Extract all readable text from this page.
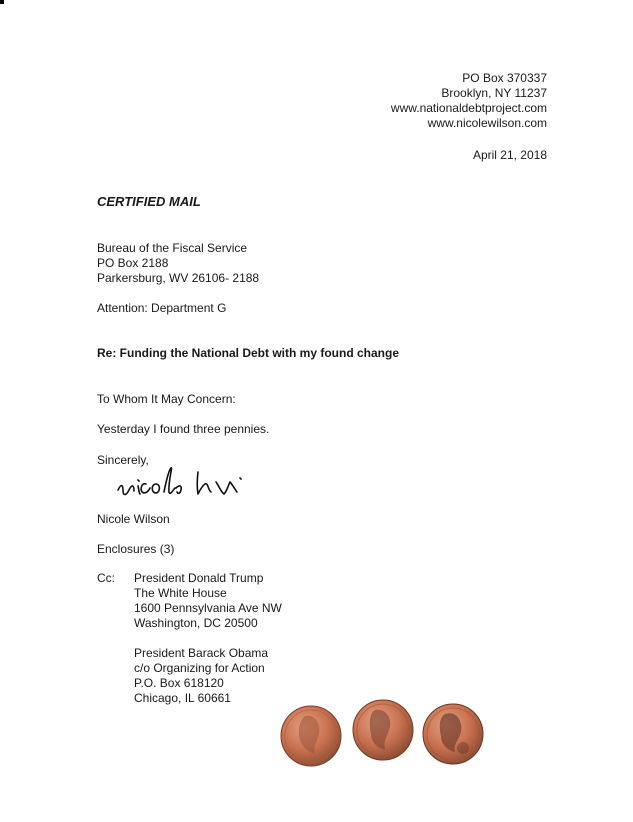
PO Box 370337
Brooklyn, NY 11237
www.nationaldebtproject.com
www.nicolewilson.com
April 21, 2018
CERTIFIED MAIL
Bureau of the Fiscal Service
PO Box 2188
Parkersburg, WV 26106- 2188
Attention: Department G
Re: Funding the National Debt with my found change
To Whom It May Concern:
Yesterday I found three pennies.
Sincerely,
Nicole Wilson
Enclosures (3)
Cc: President Donald Trump
The White House
1600 Pennsylvania Ave NW
Washington, DC 20500
President Barack Obama
c/o Organizing for Action
P.O. Box 618120
Chicago, IL 60661
